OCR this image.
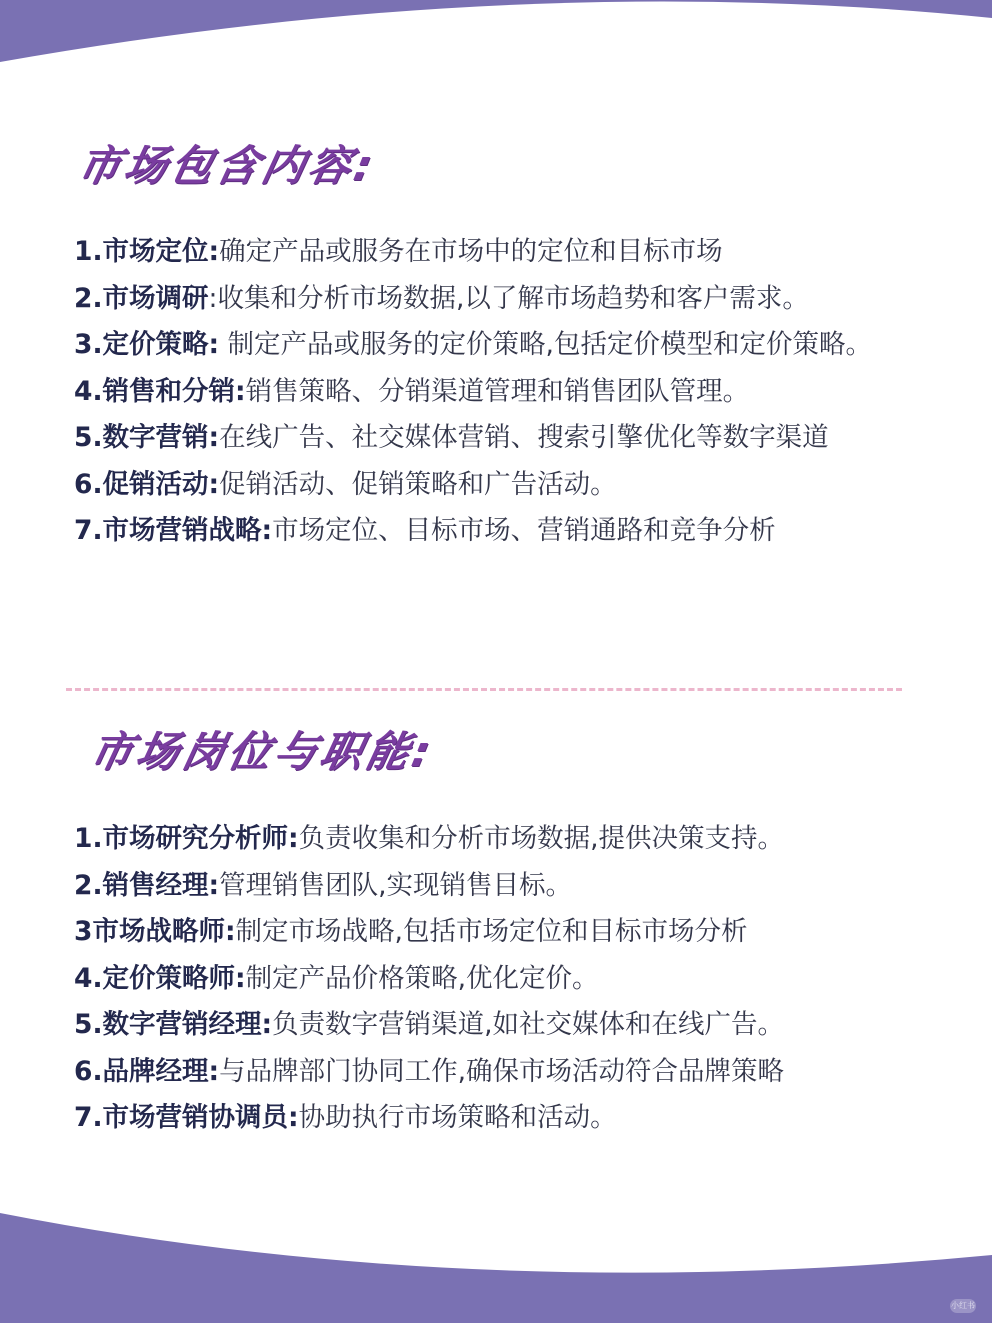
市场包含内容:
1.市场定位:确定产品或服务在市场中的定位和目标市场
2.市场调研:收集和分析市场数据,以了解市场趋势和客户需求。
3.定价策略: 制定产品或服务的定价策略,包括定价模型和定价策略。
4.销售和分销:销售策略、分销渠道管理和销售团队管理。
5.数字营销:在线广告、社交媒体营销、搜索引擎优化等数字渠道
6.促销活动:促销活动、促销策略和广告活动。
7.市场营销战略:市场定位、目标市场、营销通路和竞争分析
市场岗位与职能:
1.市场研究分析师:负责收集和分析市场数据,提供决策支持。
2.销售经理:管理销售团队,实现销售目标。
3市场战略师:制定市场战略,包括市场定位和目标市场分析
4.定价策略师:制定产品价格策略,优化定价。
5.数字营销经理:负责数字营销渠道,如社交媒体和在线广告。
6.品牌经理:与品牌部门协同工作,确保市场活动符合品牌策略
7.市场营销协调员:协助执行市场策略和活动。
小红书
